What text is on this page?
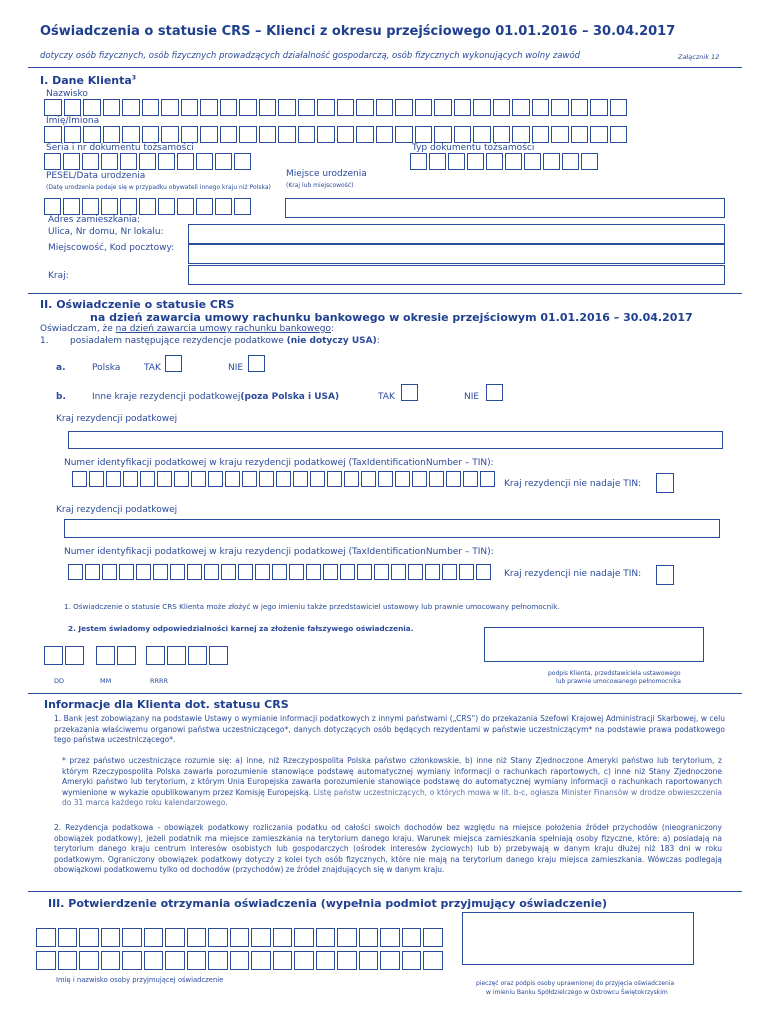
Oświadczenia o statusie CRS – Klienci z okresu przejściowego 01.01.2016 – 30.04.2017
dotyczy osób fizycznych, osób fizycznych prowadzących działalność gospodarczą, osób fizycznych wykonujących wolny zawód	Załącznik 12
I. Dane Klienta$^3$
Nazwisko
Imię/Imiona
Seria i nr dokumentu tożsamości	Typ dokumentu tożsamości
PESEL/Data urodzenia
(Datę urodzenia podaje się w przypadku obywateli innego kraju niż Polska)
Miejsce urodzenia
(Kraj lub miejscowość)
Adres zamieszkania:
Ulica, Nr domu, Nr lokalu:
Miejscowość, Kod pocztowy:
Kraj:
II. Oświadczenie o statusie CRS
na dzień zawarcia umowy rachunku bankowego w okresie przejściowym 01.01.2016 – 30.04.2017
Oświadczam, że na dzień zawarcia umowy rachunku bankowego:
1. posiadałem następujące rezydencje podatkowe (nie dotyczy USA):
a.	Polska	TAK	NIE
b.	Inne kraje rezydencji podatkowej(poza Polska i USA)	TAK	NIE
Kraj rezydencji podatkowej
Numer identyfikacji podatkowej w kraju rezydencji podatkowej (TaxIdentificationNumber – TIN):
Kraj rezydencji nie nadaje TIN:
Kraj rezydencji podatkowej
Numer identyfikacji podatkowej w kraju rezydencji podatkowej (TaxIdentificationNumber – TIN):
Kraj rezydencji nie nadaje TIN:
1. Oświadczenie o statusie CRS Klienta może złożyć w jego imieniu także przedstawiciel ustawowy lub prawnie umocowany pełnomocnik.
2. Jestem świadomy odpowiedzialności karnej za złożenie fałszywego oświadczenia.
DD	MM	RRRR
podpis Klienta, przedstawiciela ustawowego
lub prawnie umocowanego pełnomocnika
Informacje dla Klienta dot. statusu CRS
1. Bank jest zobowiązany na podstawie Ustawy o wymianie informacji podatkowych z innymi państwami („CRS”) do przekazania Szefowi Krajowej Administracji Skarbowej, w celu przekazania właściwemu organowi państwa uczestniczącego*, danych dotyczących osób będących rezydentami w państwie uczestniczącym* na podstawie prawa podatkowego tego państwa uczestniczącego*.
* przez państwo uczestniczące rozumie się: a) inne, niż Rzeczypospolita Polska państwo członkowskie, b) inne niż Stany Zjednoczone Ameryki państwo lub terytorium, z którym Rzeczypospolita Polska zawarła porozumienie stanowiące podstawę automatycznej wymiany informacji o rachunkach raportowych, c) inne niż Stany Zjednoczone Ameryki państwo lub terytorium, z którym Unia Europejska zawarła porozumienie stanowiące podstawę do automatycznej wymiany informacji o rachunkach raportowanych wymienione w wykazie opublikowanym przez Komisję Europejską. Listę państw uczestniczących, o których mowa w lit. b-c, ogłasza Minister Finansów w drodze obwieszczenia do 31 marca każdego roku kalendarzowego.
2. Rezydencja podatkowa - obowiązek podatkowy rozliczania podatku od całości swoich dochodów bez względu na miejsce położenia źródeł przychodów (nieograniczony obowiązek podatkowy), jeżeli podatnik ma miejsce zamieszkania na terytorium danego kraju. Warunek miejsca zamieszkania spełniają osoby fizyczne, które: a) posiadają na terytorium danego kraju centrum interesów osobistych lub gospodarczych (ośrodek interesów życiowych) lub b) przebywają w danym kraju dłużej niż 183 dni w roku podatkowym. Ograniczony obowiązek podatkowy dotyczy z kolei tych osób fizycznych, które nie mają na terytorium danego kraju miejsca zamieszkania. Wówczas podlegają obowiązkowi podatkowemu tylko od dochodów (przychodów) ze źródeł znajdujących się w danym kraju.
III. Potwierdzenie otrzymania oświadczenia (wypełnia podmiot przyjmujący oświadczenie)
Imię i nazwisko osoby przyjmującej oświadczenie	pieczęć oraz podpis osoby uprawnionej do przyjęcia oświadczenia
w imieniu Banku Spółdzielczego w Ostrowcu Świętokrzyskim
